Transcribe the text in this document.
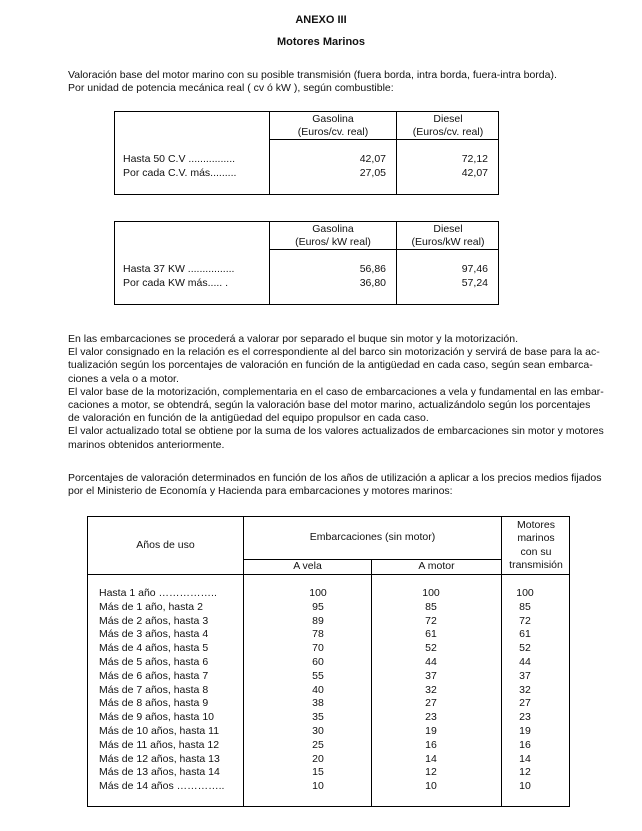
ANEXO III
Motores Marinos
Valoración base del motor marino con su posible transmisión (fuera borda, intra borda, fuera-intra borda).
Por unidad de potencia mecánica real ( cv ó kW ), según combustible:
Gasolina
(Euros/cv. real)
Diesel
(Euros/cv. real)
Hasta 50 C.V ................	42,07	72,12
Por cada C.V. más.........	27,05	42,07
Gasolina
(Euros/ kW real)
Diesel
(Euros/kW real)
Hasta 37 KW ................	56,86	97,46
Por cada KW más..... .	36,80	57,24
En las embarcaciones se procederá a valorar por separado el buque sin motor y la motorización.
El valor consignado en la relación es el correspondiente al del barco sin motorización y servirá de base para la ac-
tualización según los porcentajes de valoración en función de la antigüedad en cada caso, según sean embarca-
ciones a vela o a motor.
El valor base de la motorización, complementaria en el caso de embarcaciones a vela y fundamental en las embar-
caciones a motor, se obtendrá, según la valoración base del motor marino, actualizándolo según los porcentajes
de valoración en función de la antigüedad del equipo propulsor en cada caso.
El valor actualizado total se obtiene por la suma de los valores actualizados de embarcaciones sin motor y motores
marinos obtenidos anteriormente.
Porcentajes de valoración determinados en función de los años de utilización a aplicar a los precios medios fijados
por el Ministerio de Economía y Hacienda para embarcaciones y motores marinos:
Años de uso
Embarcaciones (sin motor)
A vela	A motor
Motores
marinos
con su
transmisión
Hasta 1 año ……………..	100	100	100
Más de 1 año, hasta 2	95	85	85
Más de 2 años, hasta 3	89	72	72
Más de 3 años, hasta 4	78	61	61
Más de 4 años, hasta 5	70	52	52
Más de 5 años, hasta 6	60	44	44
Más de 6 años, hasta 7	55	37	37
Más de 7 años, hasta 8	40	32	32
Más de 8 años, hasta 9	38	27	27
Más de 9 años, hasta 10	35	23	23
Más de 10 años, hasta 11	30	19	19
Más de 11 años, hasta 12	25	16	16
Más de 12 años, hasta 13	20	14	14
Más de 13 años, hasta 14	15	12	12
Más de 14 años …………..	10	10	10
